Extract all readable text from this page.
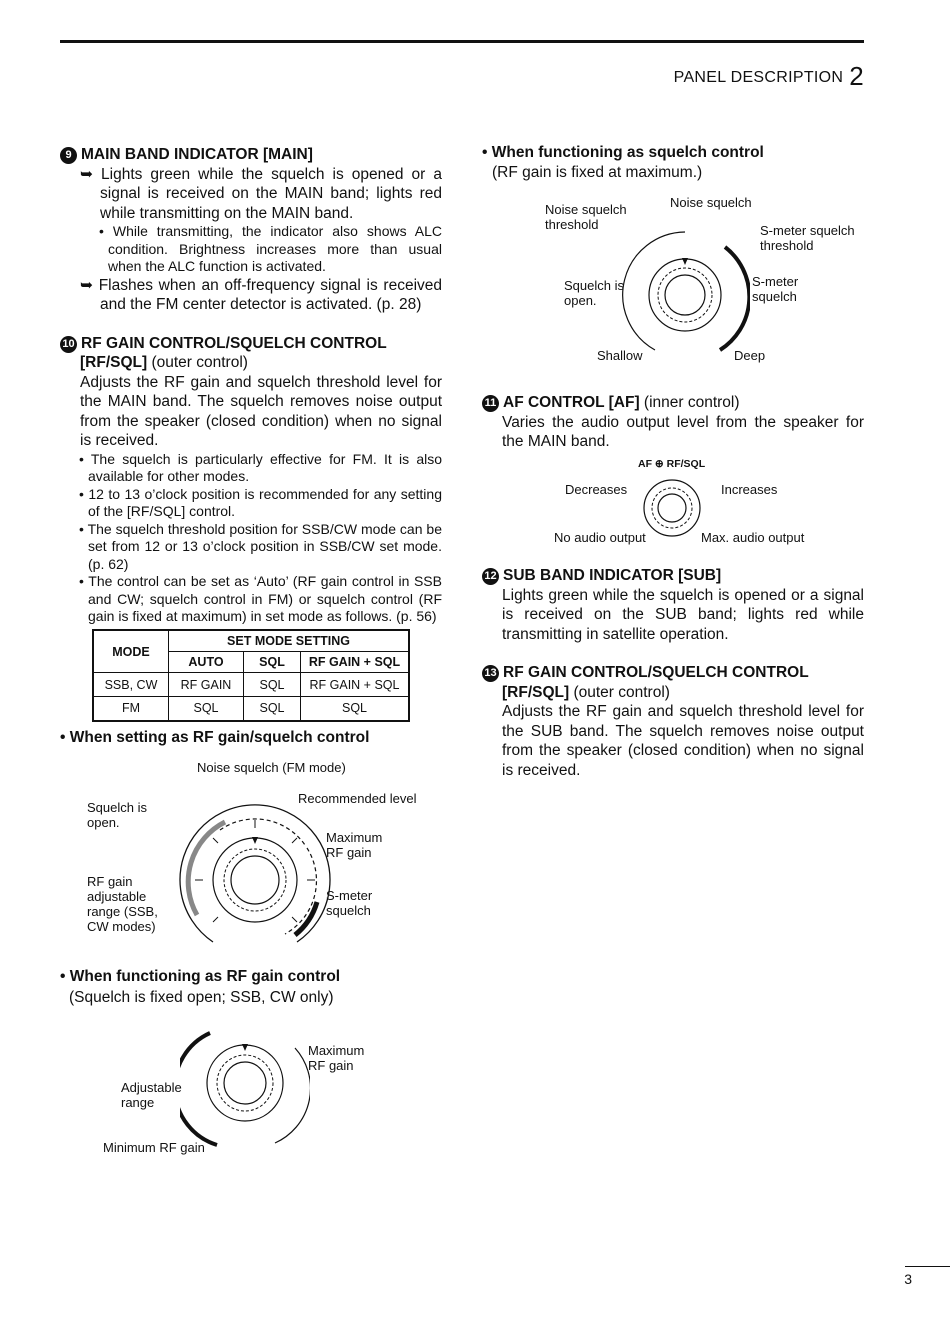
PANEL DESCRIPTION 2
9 MAIN BAND INDICATOR [MAIN]
➥ Lights green while the squelch is opened or a signal is received on the MAIN band; lights red while transmitting on the MAIN band.
• While transmitting, the indicator also shows ALC condition. Brightness increases more than usual when the ALC function is activated.
➥ Flashes when an off-frequency signal is received and the FM center detector is activated. (p. 28)
10 RF GAIN CONTROL/SQUELCH CONTROL
[RF/SQL] (outer control)
Adjusts the RF gain and squelch threshold level for the MAIN band. The squelch removes noise output from the speaker (closed condition) when no signal is received.
• The squelch is particularly effective for FM. It is also available for other modes.
• 12 to 13 o’clock position is recommended for any setting of the [RF/SQL] control.
• The squelch threshold position for SSB/CW mode can be set from 12 or 13 o’clock position in SSB/CW set mode. (p. 62)
• The control can be set as ‘Auto’ (RF gain control in SSB and CW; squelch control in FM) or squelch control (RF gain is fixed at maximum) in set mode as follows. (p. 56)
MODE	SET MODE SETTING		
	AUTO	SQL	RF GAIN + SQL
SSB, CW	RF GAIN	SQL	RF GAIN + SQL
FM	SQL	SQL	SQL
• When setting as RF gain/squelch control
Noise squelch (FM mode)
Recommended level
Squelch is open.
Maximum RF gain
RF gain adjustable range (SSB, CW modes)
S-meter squelch
• When functioning as RF gain control
(Squelch is fixed open; SSB, CW only)
Maximum RF gain
Adjustable range
Minimum RF gain
• When functioning as squelch control
(RF gain is fixed at maximum.)
Noise squelch threshold
Noise squelch
S-meter squelch threshold
Squelch is open.
S-meter squelch
Shallow	Deep
11 AF CONTROL [AF] (inner control)
Varies the audio output level from the speaker for the MAIN band.
AF ⊕ RF/SQL
Decreases	Increases
No audio output	Max. audio output
12 SUB BAND INDICATOR [SUB]
Lights green while the squelch is opened or a signal is received on the SUB band; lights red while transmitting in satellite operation.
13 RF GAIN CONTROL/SQUELCH CONTROL
[RF/SQL] (outer control)
Adjusts the RF gain and squelch threshold level for the SUB band. The squelch removes noise output from the speaker (closed condition) when no signal is received.
3
